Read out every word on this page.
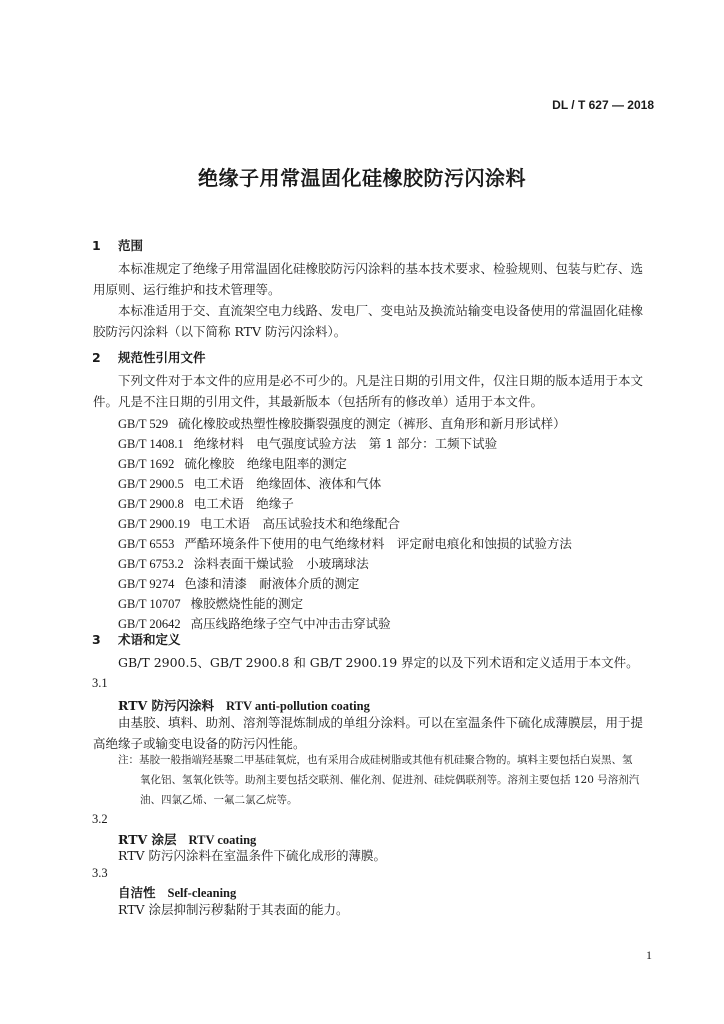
DL / T 627 — 2018
绝缘子用常温固化硅橡胶防污闪涂料
1 范围
本标准规定了绝缘子用常温固化硅橡胶防污闪涂料的基本技术要求、检验规则、包装与贮存、选
用原则、运行维护和技术管理等。
本标准适用于交、直流架空电力线路、发电厂、变电站及换流站输变电设备使用的常温固化硅橡
胶防污闪涂料（以下简称 RTV 防污闪涂料）。
2 规范性引用文件
下列文件对于本文件的应用是必不可少的。凡是注日期的引用文件，仅注日期的版本适用于本文
件。凡是不注日期的引用文件，其最新版本（包括所有的修改单）适用于本文件。
GB/T 529 硫化橡胶或热塑性橡胶撕裂强度的测定（裤形、直角形和新月形试样）
GB/T 1408.1 绝缘材料　电气强度试验方法　第 1 部分：工频下试验
GB/T 1692 硫化橡胶　绝缘电阻率的测定
GB/T 2900.5 电工术语　绝缘固体、液体和气体
GB/T 2900.8 电工术语　绝缘子
GB/T 2900.19 电工术语　高压试验技术和绝缘配合
GB/T 6553 严酷环境条件下使用的电气绝缘材料　评定耐电痕化和蚀损的试验方法
GB/T 6753.2 涂料表面干燥试验　小玻璃球法
GB/T 9274 色漆和清漆　耐液体介质的测定
GB/T 10707 橡胶燃烧性能的测定
GB/T 20642 高压线路绝缘子空气中冲击击穿试验
3 术语和定义
GB/T 2900.5、GB/T 2900.8 和 GB/T 2900.19 界定的以及下列术语和定义适用于本文件。
3.1
RTV 防污闪涂料 RTV anti-pollution coating
由基胶、填料、助剂、溶剂等混炼制成的单组分涂料。可以在室温条件下硫化成薄膜层，用于提
高绝缘子或输变电设备的防污闪性能。
注：基胶一般指端羟基聚二甲基硅氧烷，也有采用合成硅树脂或其他有机硅聚合物的。填料主要包括白炭黑、氢
氧化铝、氢氧化铁等。助剂主要包括交联剂、催化剂、促进剂、硅烷偶联剂等。溶剂主要包括 120 号溶剂汽
油、四氯乙烯、一氟二氯乙烷等。
3.2
RTV 涂层 RTV coating
RTV 防污闪涂料在室温条件下硫化成形的薄膜。
3.3
自洁性 Self-cleaning
RTV 涂层抑制污秽黏附于其表面的能力。
1
